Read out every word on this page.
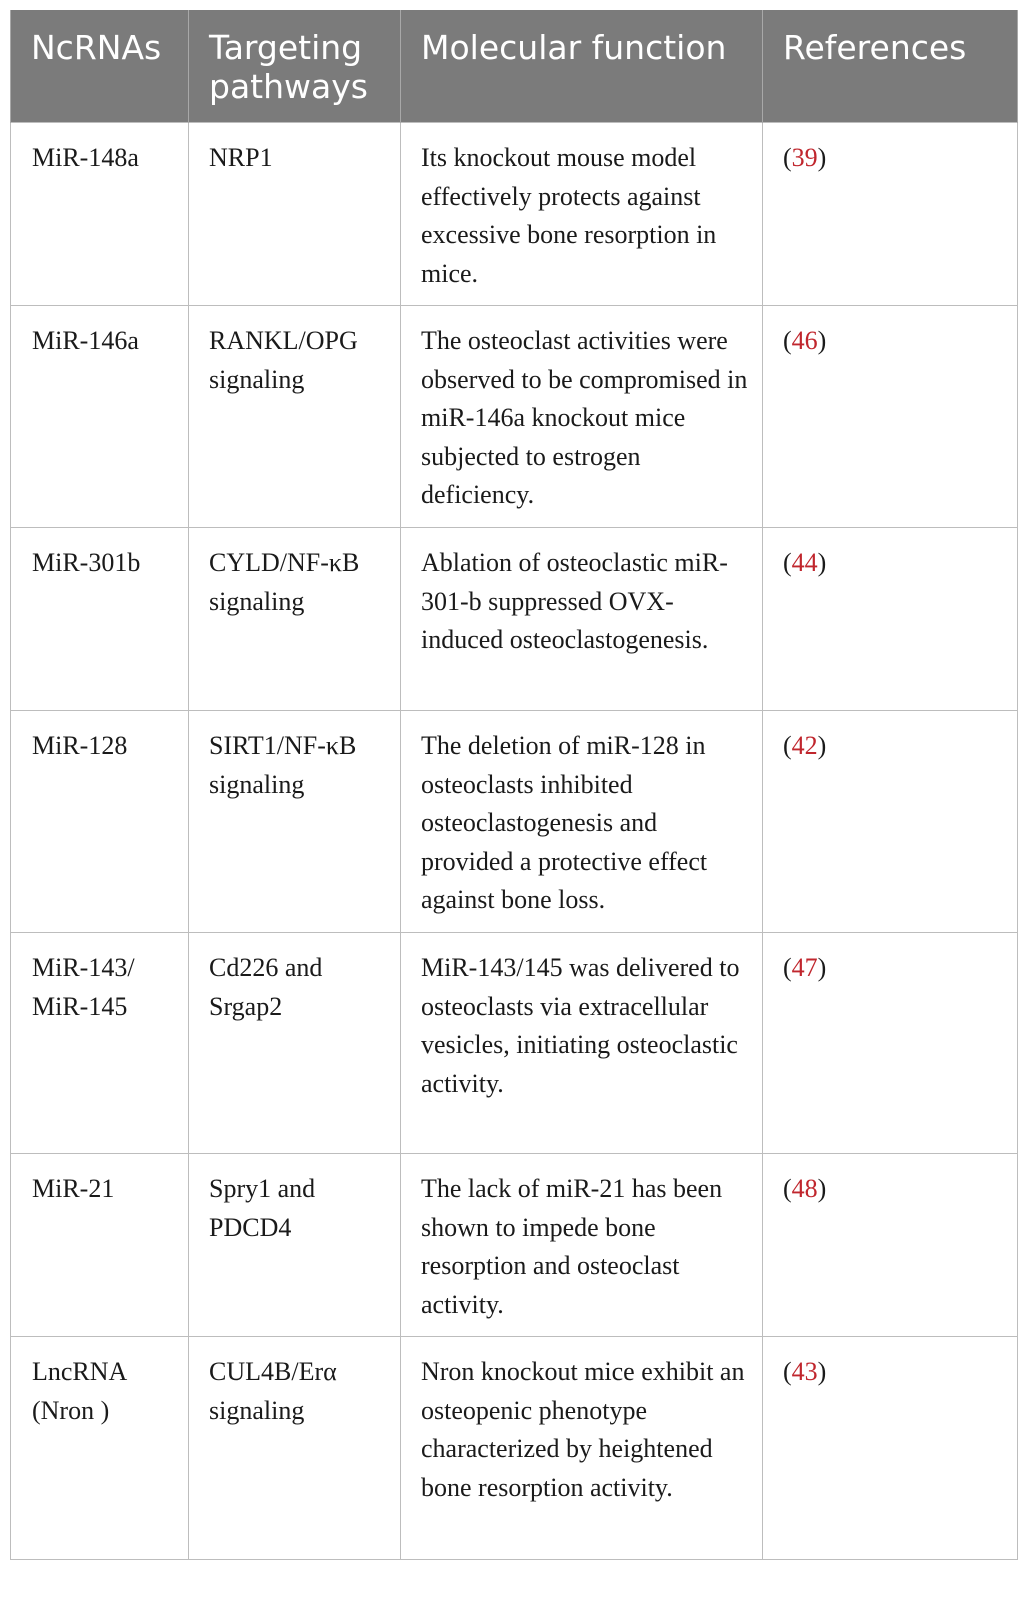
NcRNAs	Targeting pathways	Molecular function	References
MiR-148a	NRP1	Its knockout mouse model effectively protects against excessive bone resorption in mice.	(39)
MiR-146a	RANKL/OPG signaling	The osteoclast activities were observed to be compromised in miR-146a knockout mice subjected to estrogen deficiency.	(46)
MiR-301b	CYLD/NF-κB signaling	Ablation of osteoclastic miR-301-b suppressed OVX-induced osteoclastogenesis.	(44)
MiR-128	SIRT1/NF-κB signaling	The deletion of miR-128 in osteoclasts inhibited osteoclastogenesis and provided a protective effect against bone loss.	(42)
MiR-143/ MiR-145	Cd226 and Srgap2	MiR-143/145 was delivered to osteoclasts via extracellular vesicles, initiating osteoclastic activity.	(47)
MiR-21	Spry1 and PDCD4	The lack of miR-21 has been shown to impede bone resorption and osteoclast activity.	(48)
LncRNA (Nron )	CUL4B/Erα signaling	Nron knockout mice exhibit an osteopenic phenotype characterized by heightened bone resorption activity.	(43)
